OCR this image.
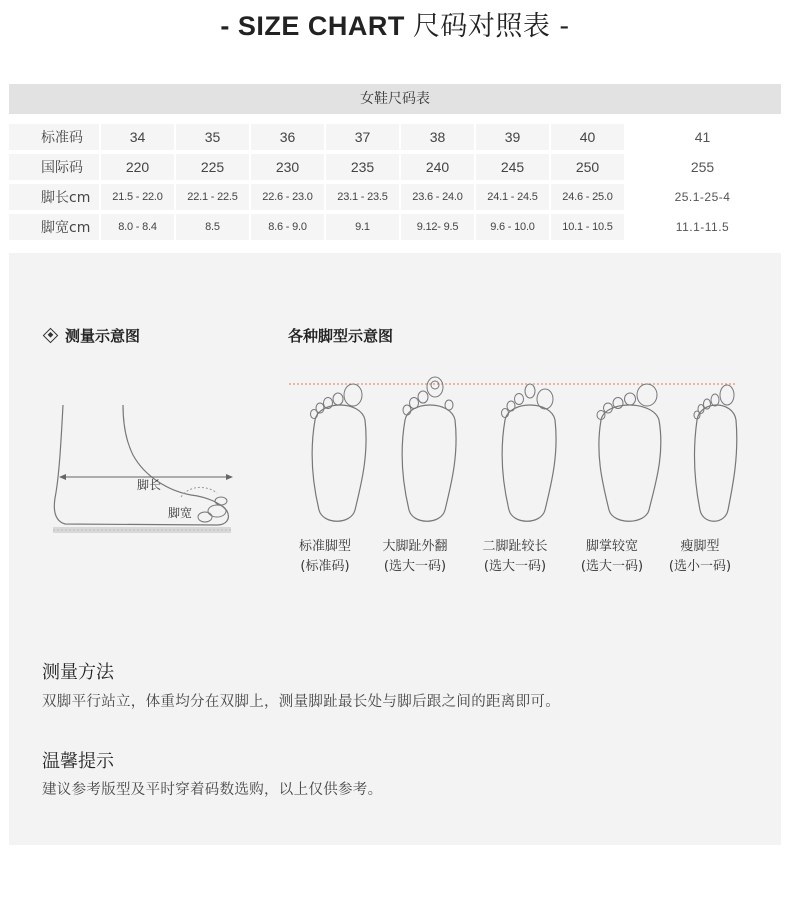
- SIZE CHART 尺码对照表 -
女鞋尺码表
标准码	34	35	36	37	38	39	40	41
国际码	220	225	230	235	240	245	250	255
脚长cm	21.5 - 22.0	22.1 - 22.5	22.6 - 23.0	23.1 - 23.5	23.6 - 24.0	24.1 - 24.5	24.6 - 25.0	25.1-25-4
脚宽cm	8.0 - 8.4	8.5	8.6 - 9.0	9.1	9.12- 9.5	9.6 - 10.0	10.1 - 10.5	11.1-11.5
测量示意图	各种脚型示意图
脚长
脚宽
标准脚型
(标准码)
大脚趾外翻
(选大一码)
二脚趾较长
(选大一码)
脚掌较宽
(选大一码)
瘦脚型
(选小一码)
测量方法
双脚平行站立，体重均分在双脚上，测量脚趾最长处与脚后跟之间的距离即可。
温馨提示
建议参考版型及平时穿着码数选购，以上仅供参考。
